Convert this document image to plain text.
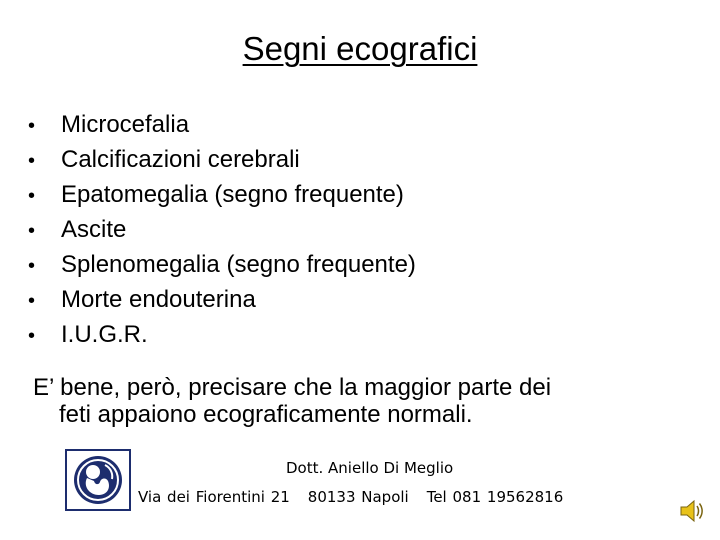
Segni ecografici
•	Microcefalia
•	Calcificazioni cerebrali
•	Epatomegalia (segno frequente)
•	Ascite
•	Splenomegalia (segno frequente)
•	Morte endouterina
•	I.U.G.R.
E’ bene, però, precisare che la maggior parte dei
feti appaiono ecograficamente normali.
Dott. Aniello Di Meglio
Via dei Fiorentini 21 80133 Napoli Tel 081 19562816
